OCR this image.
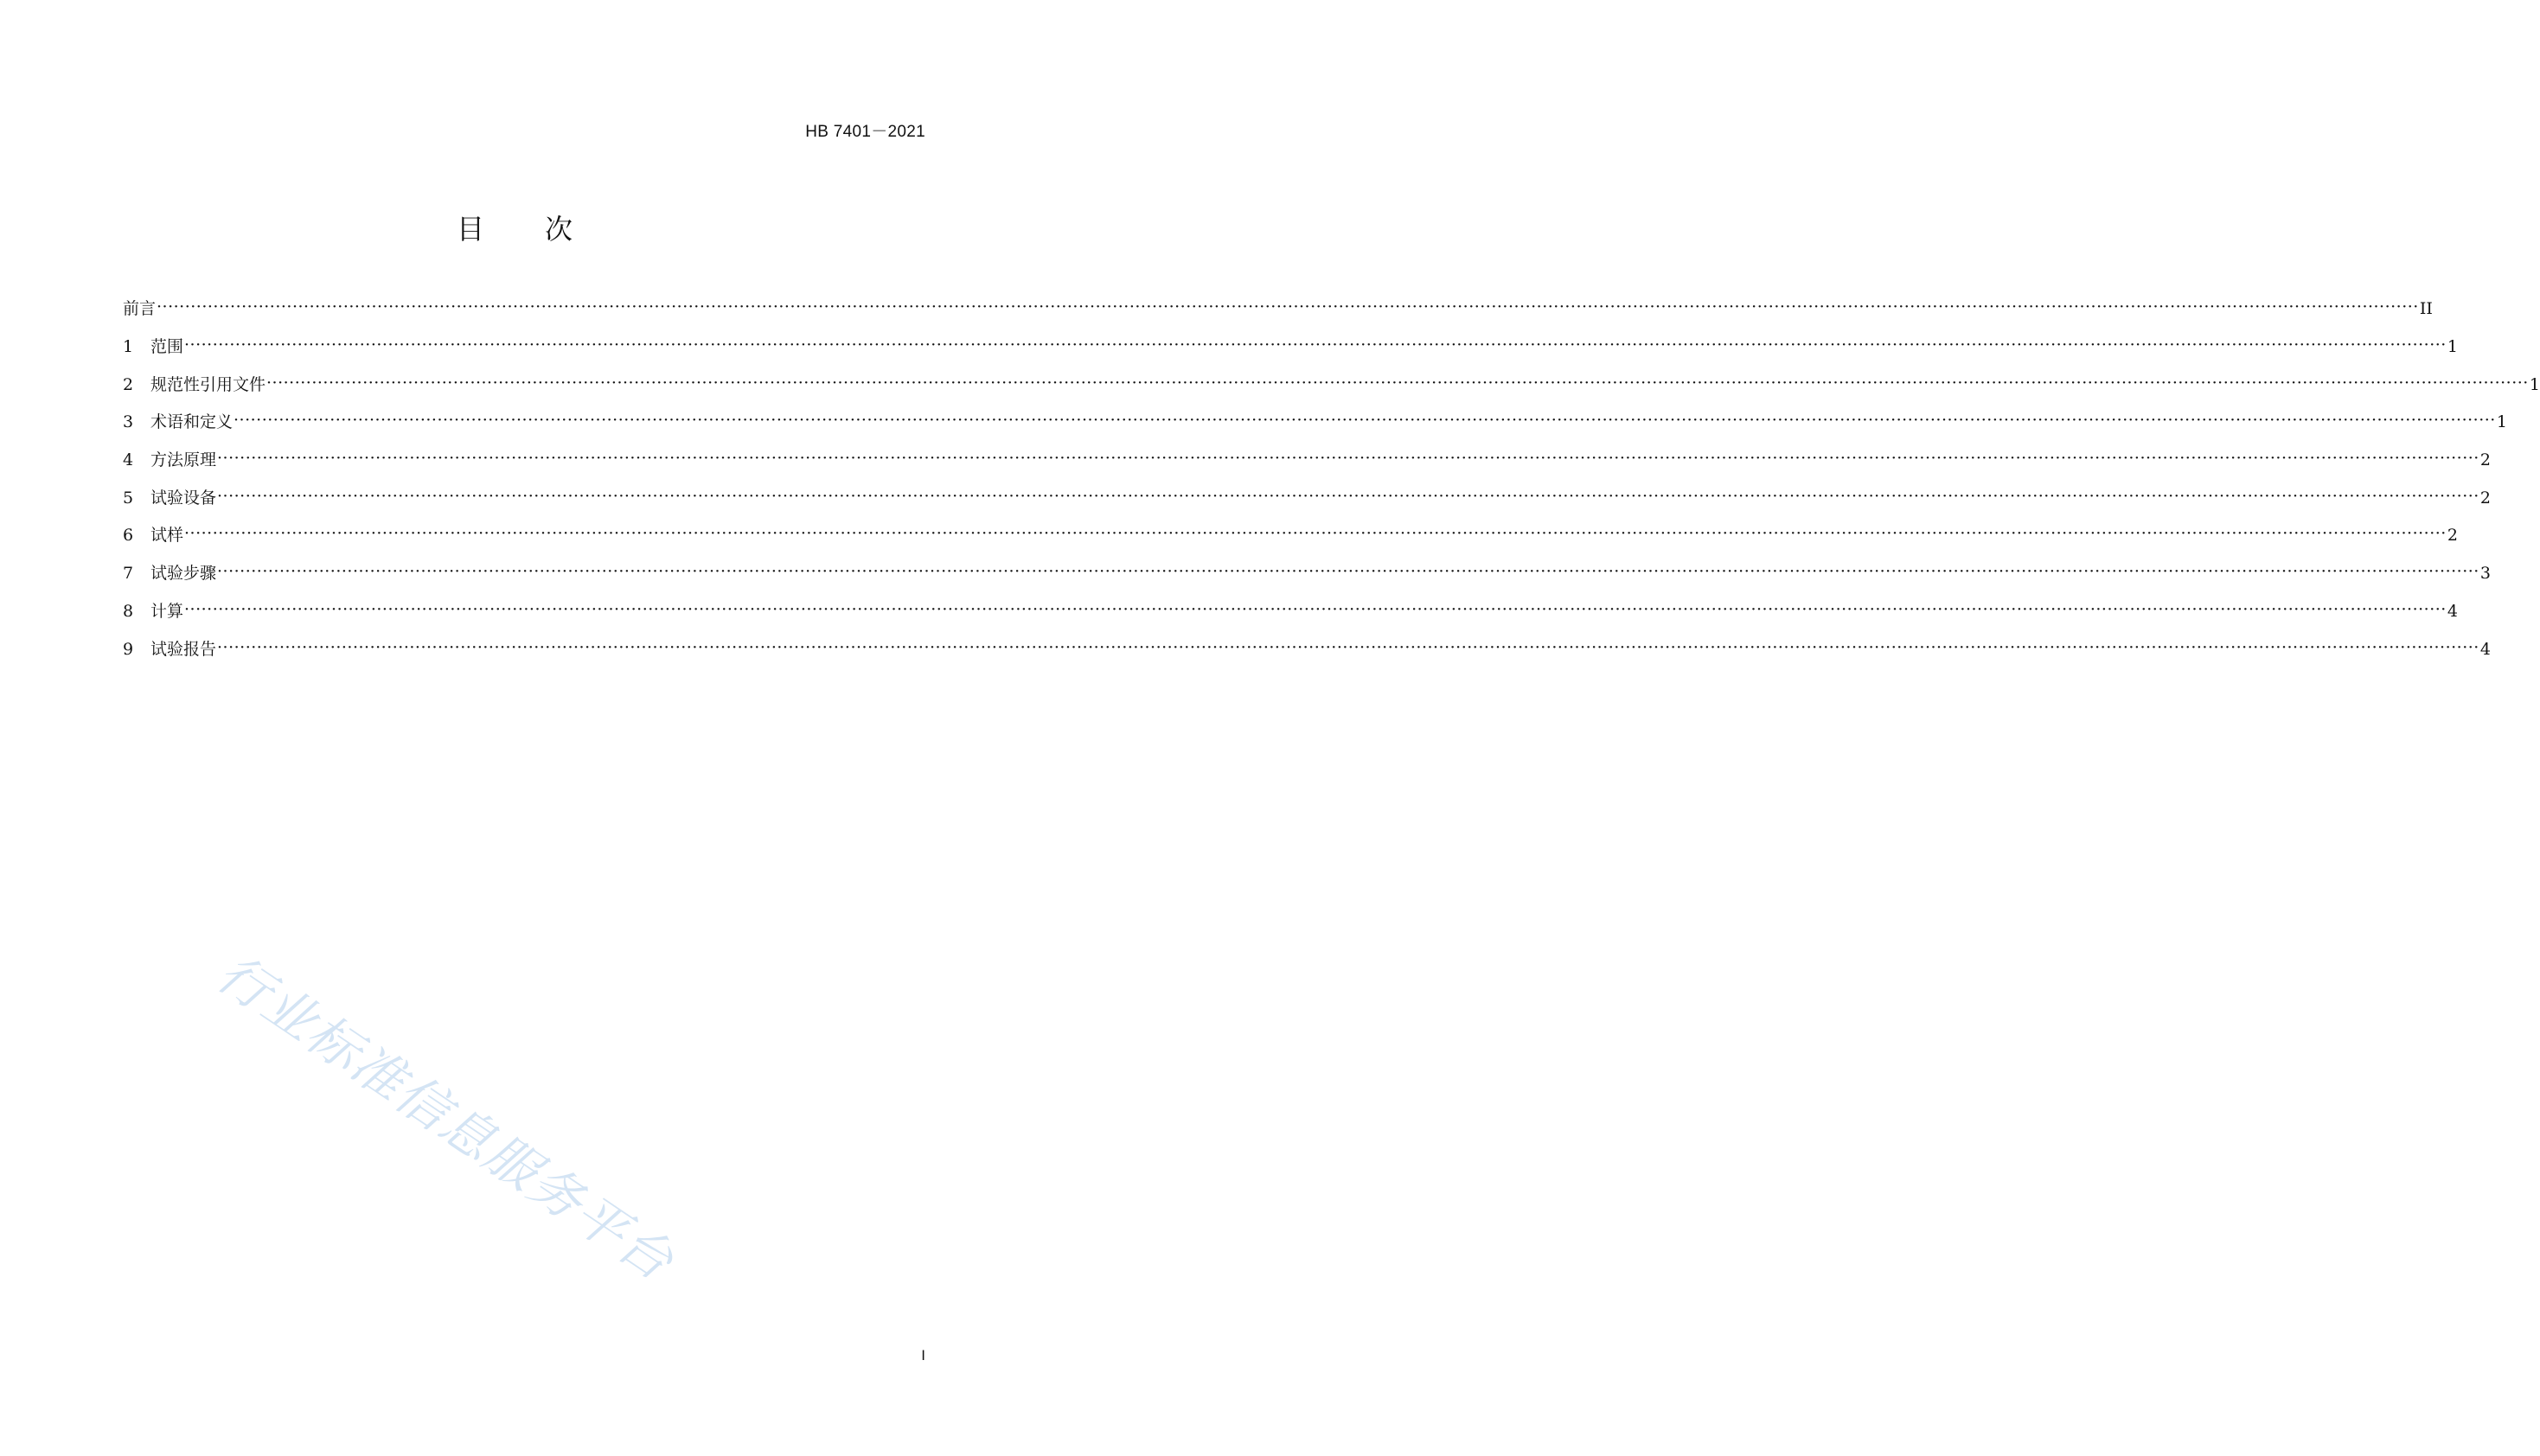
HB 7401－2021
目 次
前言 ················································································································································································································································································································································································································ II
1	范围 ················································································································································································································································································································································································································ 1
2	规范性引用文件 ················································································································································································································································································································································································································ 1
3	术语和定义 ················································································································································································································································································································································································································ 1
4	方法原理 ················································································································································································································································································································································································································ 2
5	试验设备 ················································································································································································································································································································································································································ 2
6	试样 ················································································································································································································································································································································································································ 2
7	试验步骤 ················································································································································································································································································································································································································ 3
8	计算 ················································································································································································································································································································································································································ 4
9	试验报告 ················································································································································································································································································································································································································ 4
行业标准信息服务平台
I
